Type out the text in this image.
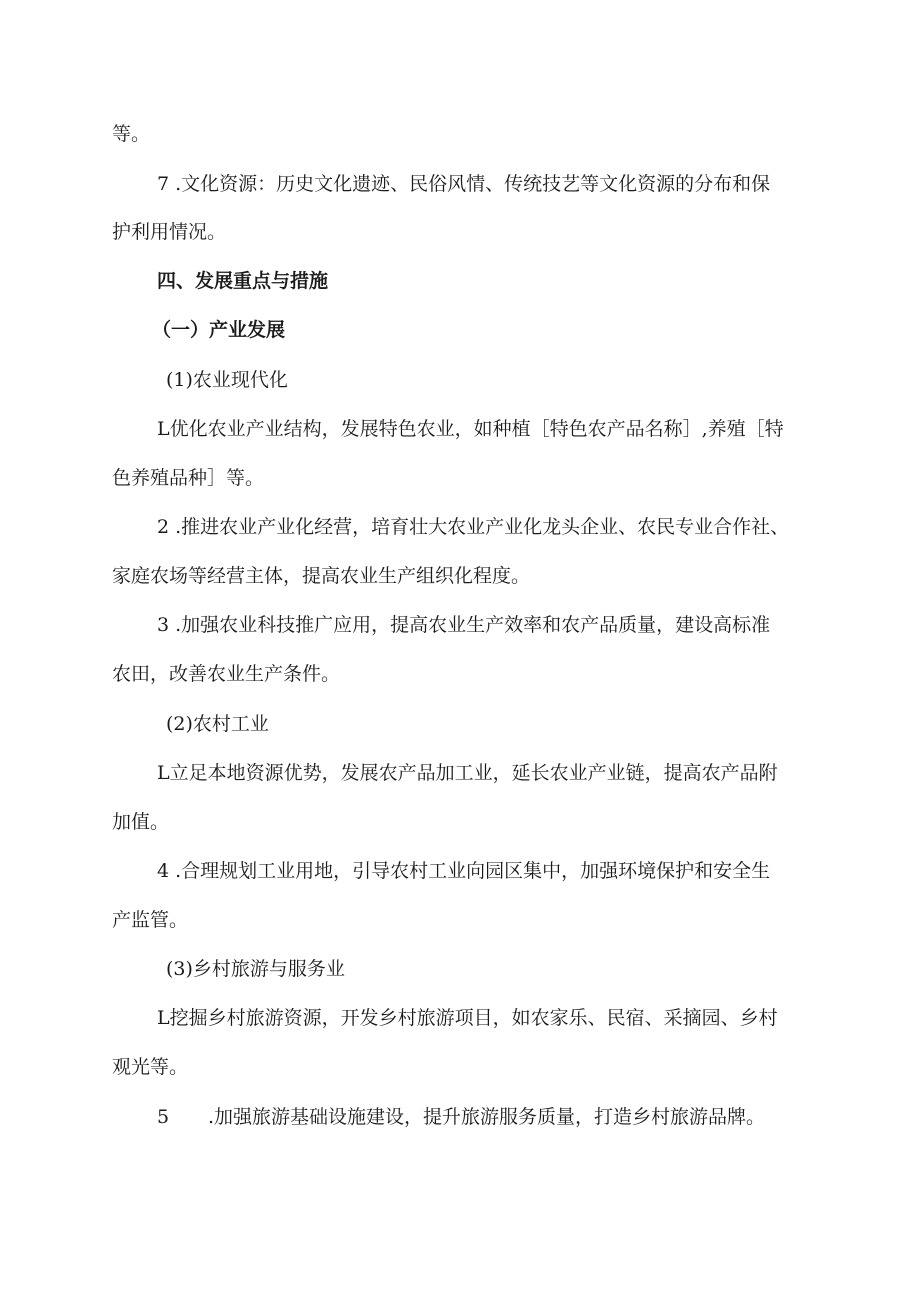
等。

7 .文化资源：历史文化遗迹、民俗风情、传统技艺等文化资源的分布和保

护利用情况。

四、发展重点与措施

（一）产业发展

(1)农业现代化

L优化农业产业结构，发展特色农业，如种植［特色农产品名称］,养殖［特

色养殖品种］等。

2 .推进农业产业化经营，培育壮大农业产业化龙头企业、农民专业合作社、

家庭农场等经营主体，提高农业生产组织化程度。

3 .加强农业科技推广应用，提高农业生产效率和农产品质量，建设高标准

农田，改善农业生产条件。

(2)农村工业

L立足本地资源优势，发展农产品加工业，延长农业产业链，提高农产品附

加值。

4 .合理规划工业用地，引导农村工业向园区集中，加强环境保护和安全生

产监管。

(3)乡村旅游与服务业

L挖掘乡村旅游资源，开发乡村旅游项目，如农家乐、民宿、采摘园、乡村

观光等。

5 .加强旅游基础设施建设，提升旅游服务质量，打造乡村旅游品牌。
